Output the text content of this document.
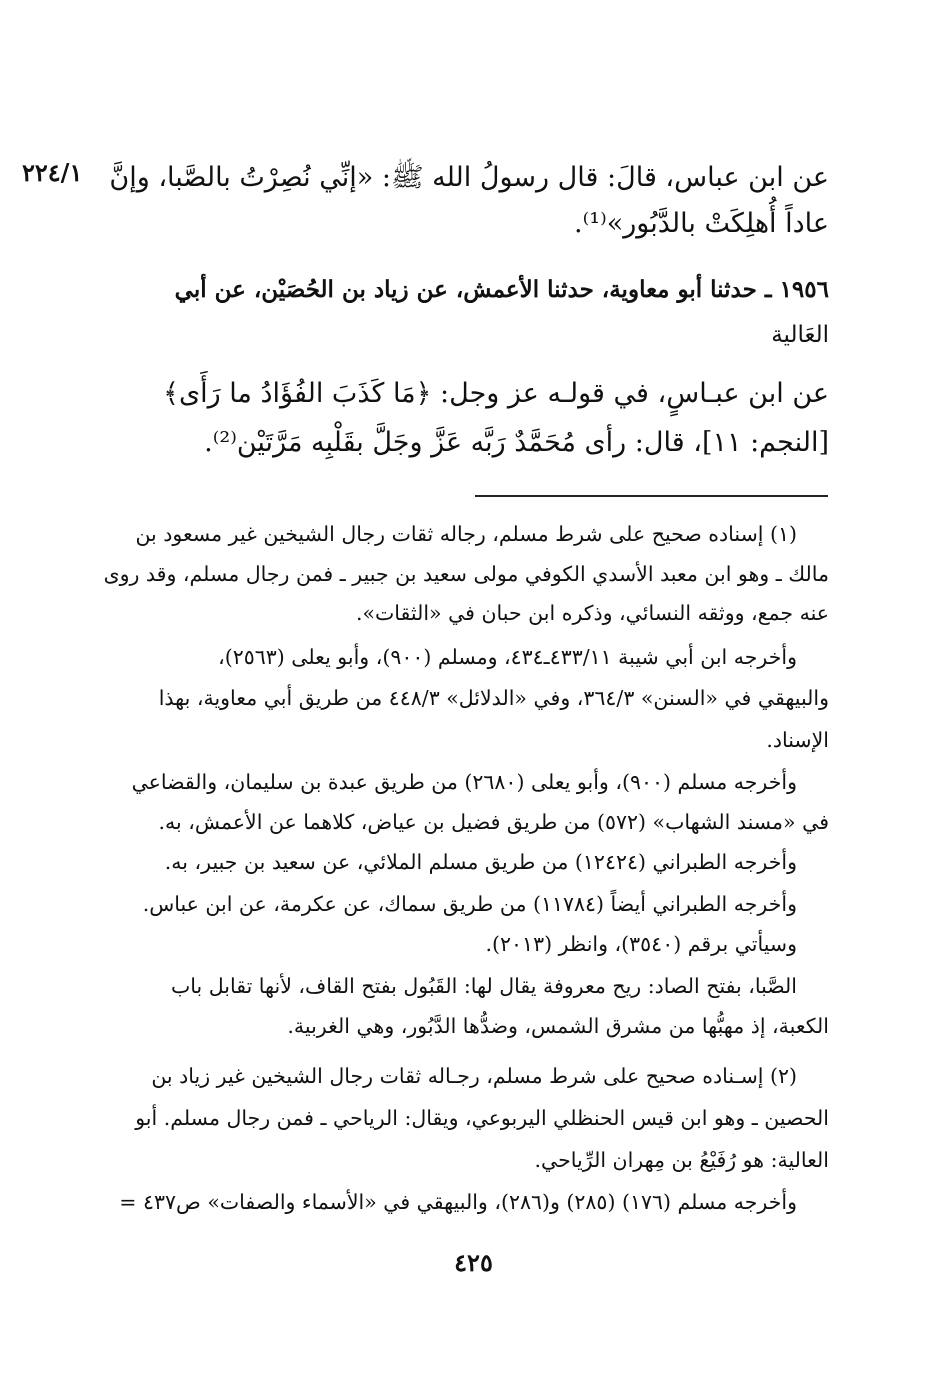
٢٢٤/١ عن ابن عباس، قالَ: قال رسولُ الله ﷺ: «إنِّي نُصِرْتُ بالصَّبا، وإنَّ
عاداً أُهلِكَتْ بالدَّبُور»⁽¹⁾.
١٩٥٦ ـ حدثنا أبو معاوية، حدثنا الأعمش، عن زياد بن الحُصَيْن، عن أبي
العَالية
عن ابن عبـاسٍ، في قولـه عز وجل: ﴿مَا كَذَبَ الفُؤَادُ ما رَأَى﴾
[النجم: ١١]، قال: رأى مُحَمَّدٌ رَبَّه عَزَّ وجَلَّ بقَلْبِه مَرَّتَيْن⁽²⁾.
(١) إسناده صحيح على شرط مسلم، رجاله ثقات رجال الشيخين غير مسعود بن
مالك ـ وهو ابن معبد الأسدي الكوفي مولى سعيد بن جبير ـ فمن رجال مسلم، وقد روى
عنه جمع، ووثقه النسائي، وذكره ابن حبان في «الثقات».
وأخرجه ابن أبي شيبة ٤٣٣/١١ـ٤٣٤، ومسلم (٩٠٠)، وأبو يعلى (٢٥٦٣)،
والبيهقي في «السنن» ٣٦٤/٣، وفي «الدلائل» ٤٤٨/٣ من طريق أبي معاوية، بهذا
الإسناد.
وأخرجه مسلم (٩٠٠)، وأبو يعلى (٢٦٨٠) من طريق عبدة بن سليمان، والقضاعي
في «مسند الشهاب» (٥٧٢) من طريق فضيل بن عياض، كلاهما عن الأعمش، به.
وأخرجه الطبراني (١٢٤٢٤) من طريق مسلم الملائي، عن سعيد بن جبير، به.
وأخرجه الطبراني أيضاً (١١٧٨٤) من طريق سماك، عن عكرمة، عن ابن عباس.
وسيأتي برقم (٣٥٤٠)، وانظر (٢٠١٣).
الصَّبا، بفتح الصاد: ريح معروفة يقال لها: القَبُول بفتح القاف، لأنها تقابل باب
الكعبة، إذ مهبُّها من مشرق الشمس، وضدُّها الدَّبُور، وهي الغربية.
(٢) إسـناده صحيح على شرط مسلم، رجـاله ثقات رجال الشيخين غير زياد بن
الحصين ـ وهو ابن قيس الحنظلي اليربوعي، ويقال: الرياحي ـ فمن رجال مسلم. أبو
العالية: هو رُفَيْعُ بن مِهران الرِّياحي.
وأخرجه مسلم (١٧٦) (٢٨٥) و(٢٨٦)، والبيهقي في «الأسماء والصفات» ص٤٣٧ =
٤٢٥
